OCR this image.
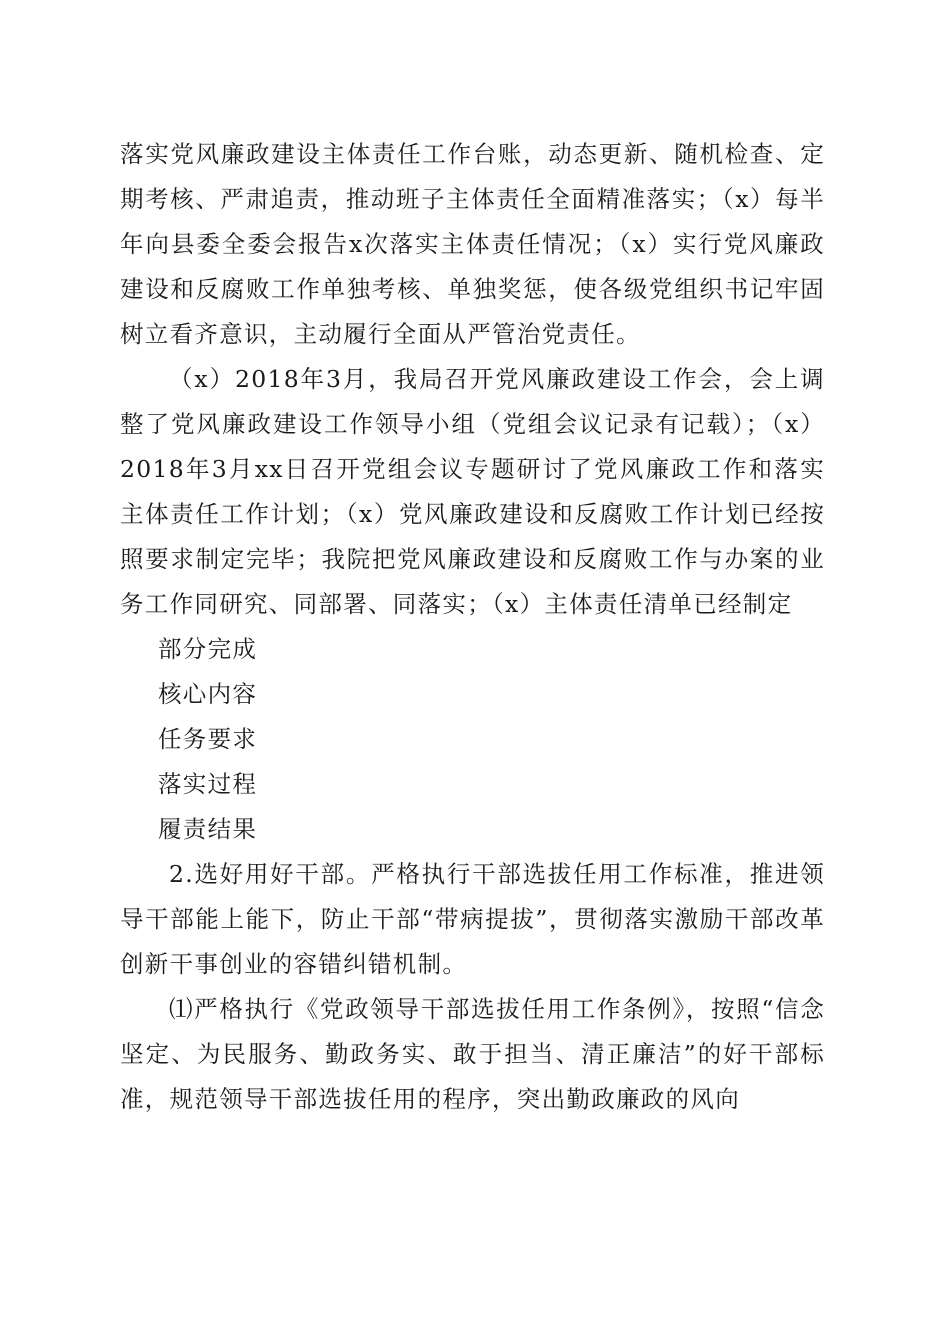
落实党风廉政建设主体责任工作台账，动态更新、随机检查、定期考核、严肃追责，推动班子主体责任全面精准落实；（x）每半年向县委全委会报告x次落实主体责任情况；（x）实行党风廉政建设和反腐败工作单独考核、单独奖惩，使各级党组织书记牢固树立看齐意识，主动履行全面从严管治党责任。

（x）2018年3月，我局召开党风廉政建设工作会，会上调整了党风廉政建设工作领导小组（党组会议记录有记载）；（x）2018年3月xx日召开党组会议专题研讨了党风廉政工作和落实主体责任工作计划；（x）党风廉政建设和反腐败工作计划已经按照要求制定完毕；我院把党风廉政建设和反腐败工作与办案的业务工作同研究、同部署、同落实；（x）主体责任清单已经制定

部分完成

核心内容

任务要求

落实过程

履责结果

2.选好用好干部。严格执行干部选拔任用工作标准，推进领导干部能上能下，防止干部“带病提拔”，贯彻落实激励干部改革创新干事创业的容错纠错机制。

⑴严格执行《党政领导干部选拔任用工作条例》，按照“信念坚定、为民服务、勤政务实、敢于担当、清正廉洁”的好干部标准，规范领导干部选拔任用的程序，突出勤政廉政的风向
